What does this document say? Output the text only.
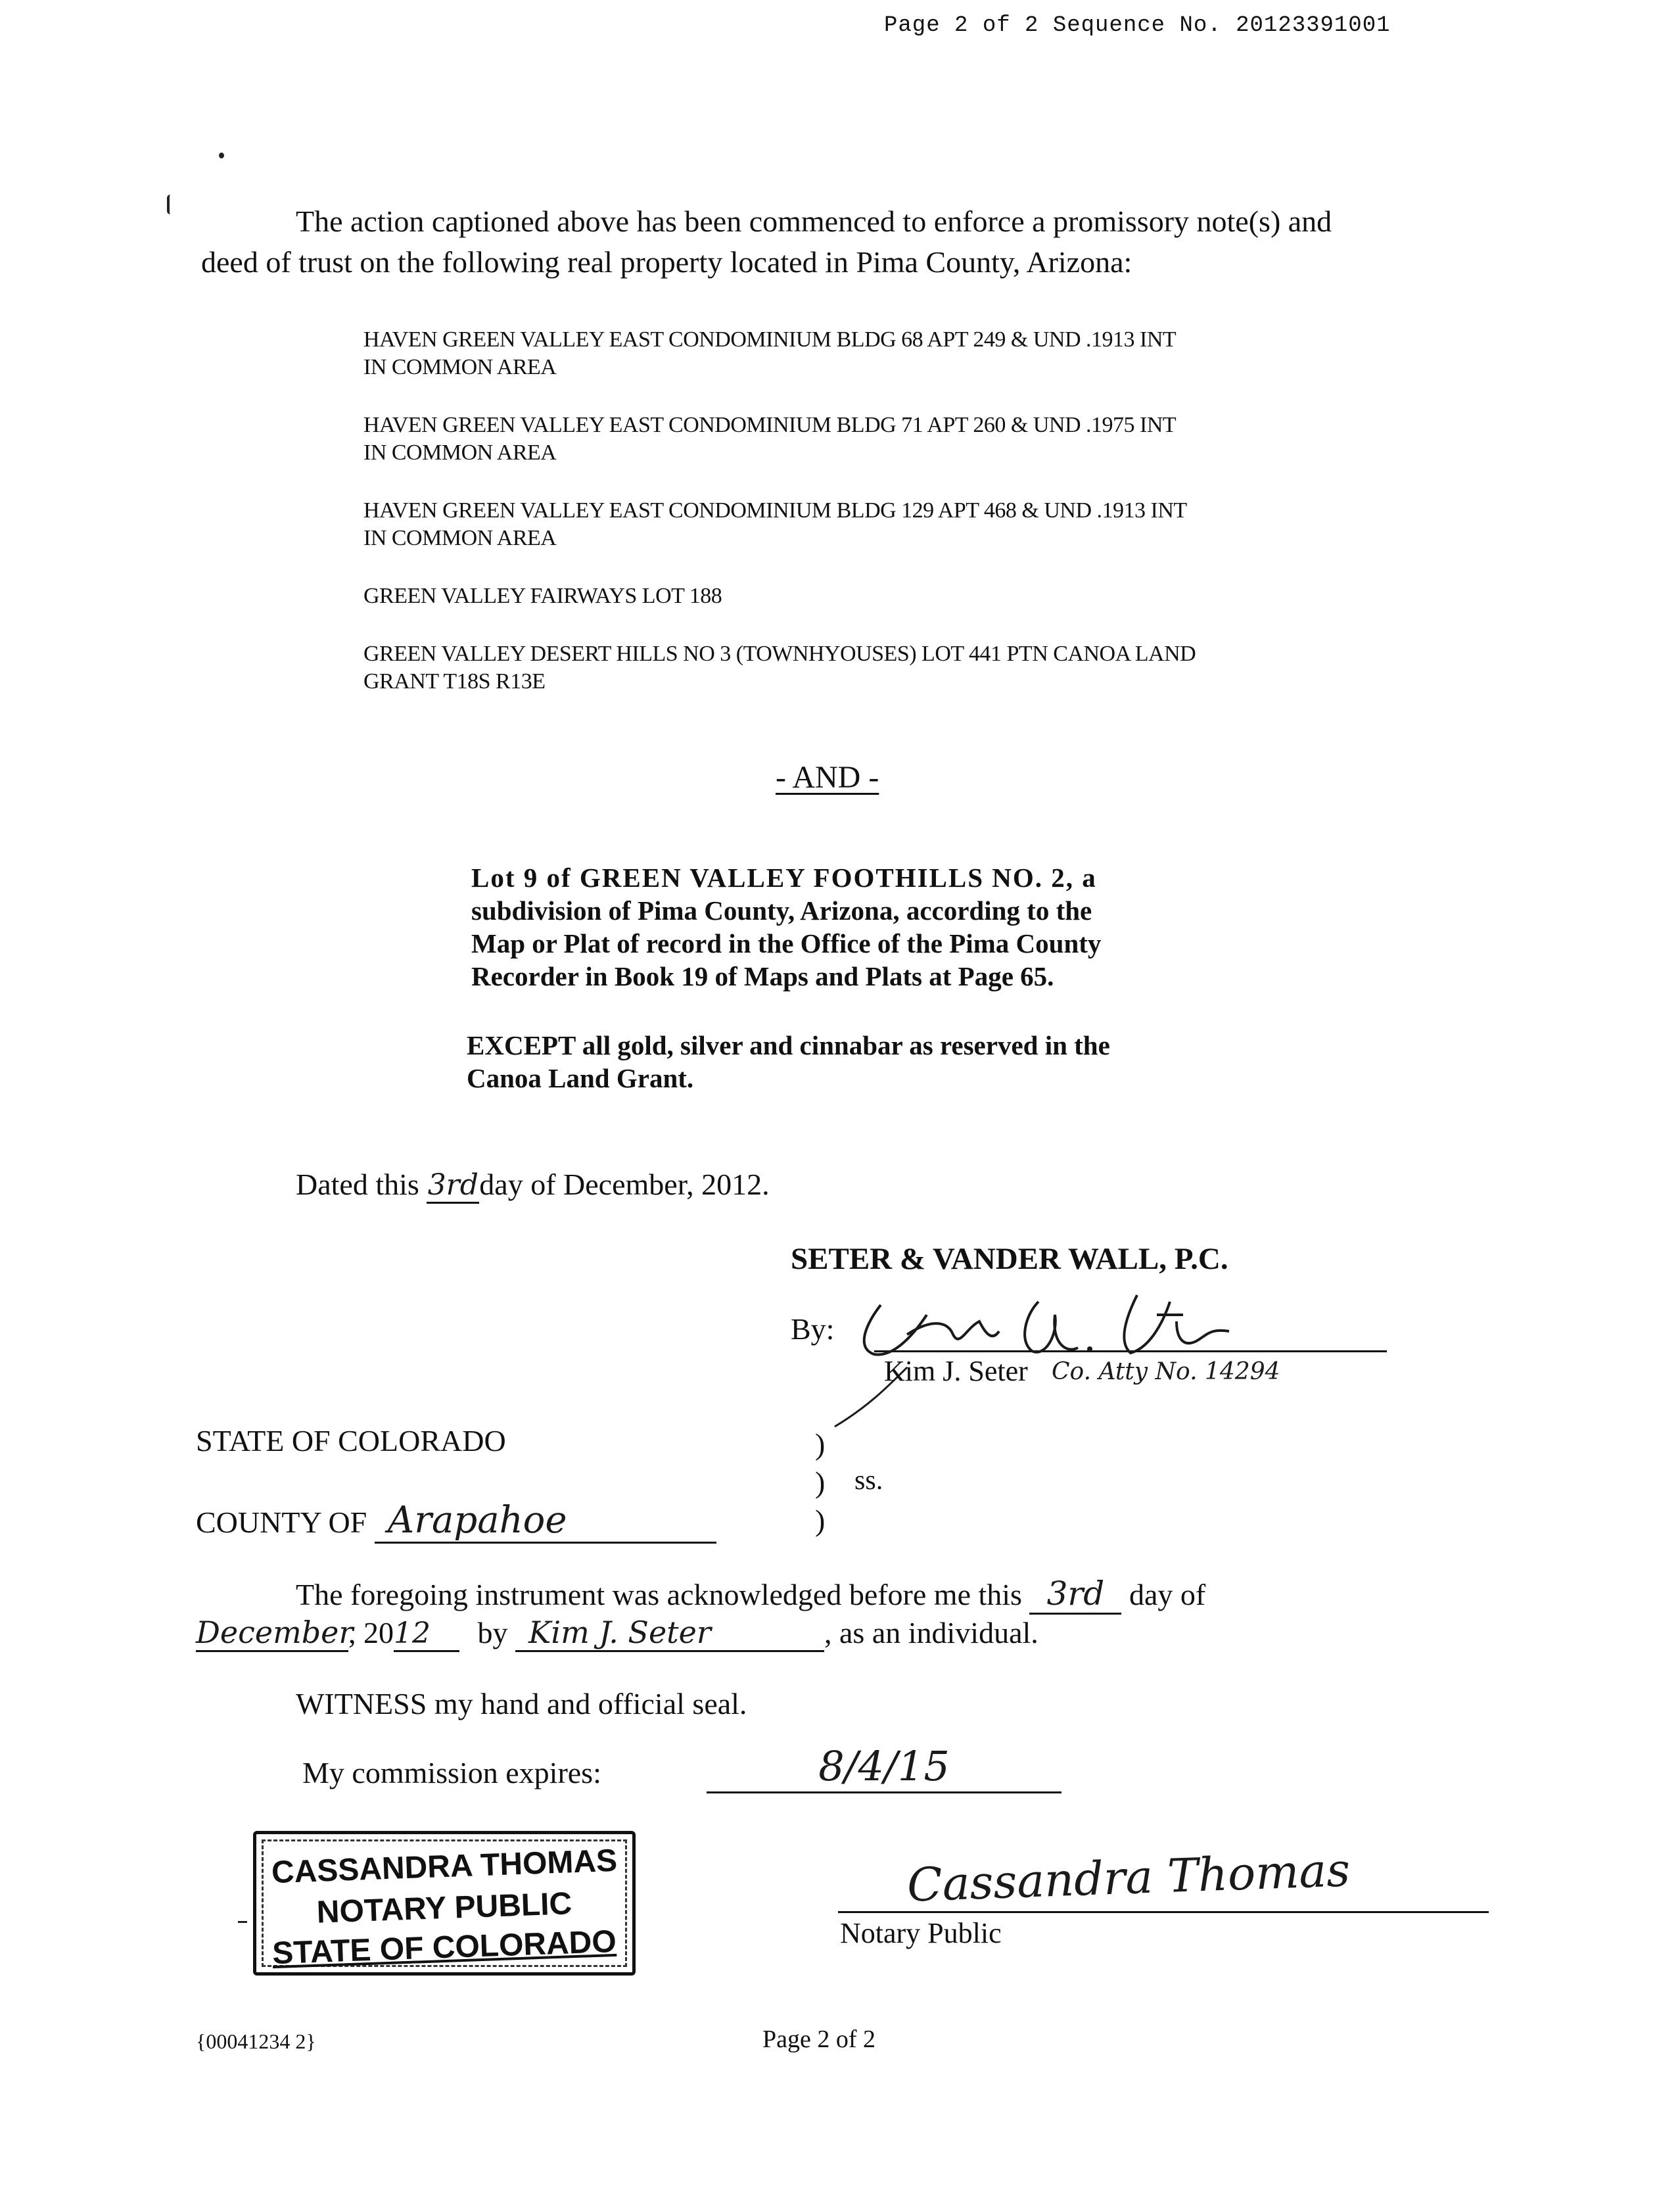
Page 2 of 2 Sequence No. 20123391001
The action captioned above has been commenced to enforce a promissory note(s) and
deed of trust on the following real property located in Pima County, Arizona:
HAVEN GREEN VALLEY EAST CONDOMINIUM BLDG 68 APT 249 & UND .1913 INT
IN COMMON AREA
HAVEN GREEN VALLEY EAST CONDOMINIUM BLDG 71 APT 260 & UND .1975 INT
IN COMMON AREA
HAVEN GREEN VALLEY EAST CONDOMINIUM BLDG 129 APT 468 & UND .1913 INT
IN COMMON AREA
GREEN VALLEY FAIRWAYS LOT 188
GREEN VALLEY DESERT HILLS NO 3 (TOWNHYOUSES) LOT 441 PTN CANOA LAND
GRANT T18S R13E
- AND -
Lot 9 of GREEN VALLEY FOOTHILLS NO. 2, a
subdivision of Pima County, Arizona, according to the
Map or Plat of record in the Office of the Pima County
Recorder in Book 19 of Maps and Plats at Page 65.
EXCEPT all gold, silver and cinnabar as reserved in the
Canoa Land Grant.
Dated this 3rdday of December, 2012.
SETER & VANDER WALL, P.C.
By:
Kim J. Seter Co. Atty No. 14294
STATE OF COLORADO	)
) ss.
)
COUNTY OF Arapahoe
The foregoing instrument was acknowledged before me this 3rd day of
December, 2012 by Kim J. Seter	, as an individual.
WITNESS my hand and official seal.
My commission expires:	8/4/15
CASSANDRA THOMAS
NOTARY PUBLIC
STATE OF COLORADO
Cassandra Thomas
Notary Public
{00041234 2}	Page 2 of 2
